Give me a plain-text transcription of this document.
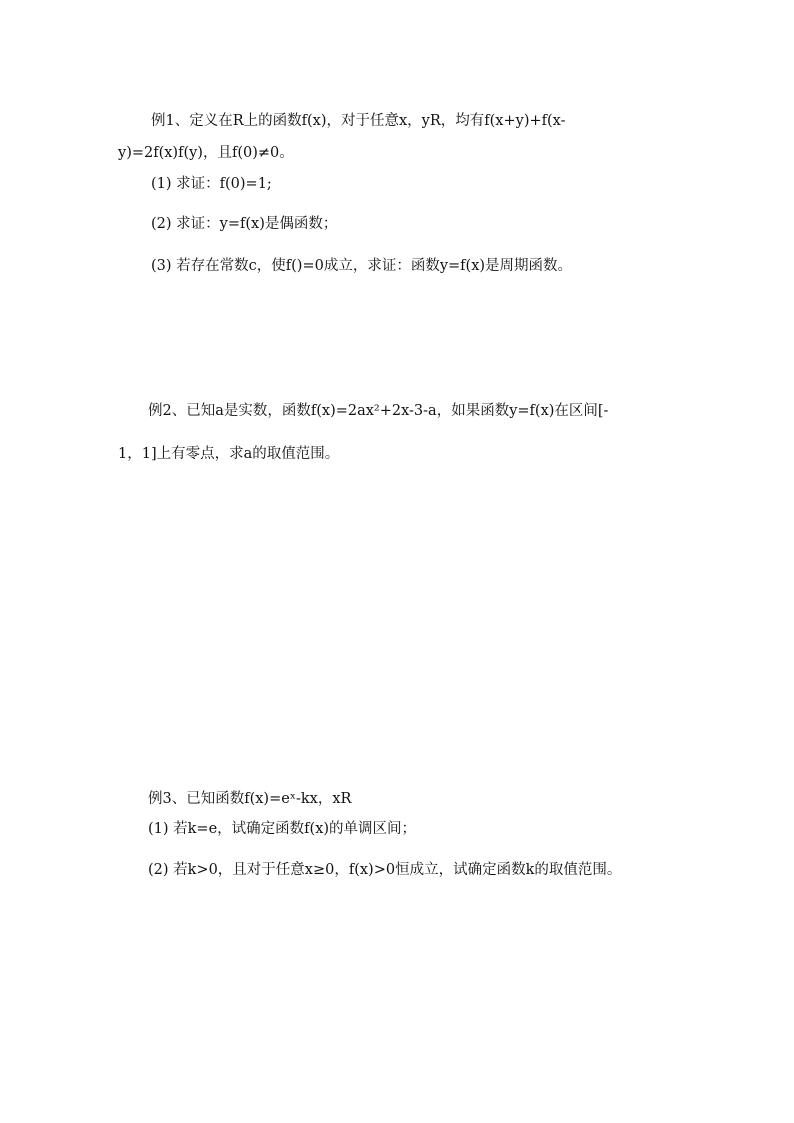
例1、定义在R上的函数f(x)，对于任意x，yR，均有f(x+y)+f(x-
y)=2f(x)f(y)，且f(0)≠0。
(1) 求证：f(0)=1;
(2) 求证：y=f(x)是偶函数；
(3) 若存在常数c，使f()=0成立，求证：函数y=f(x)是周期函数。
例2、已知a是实数，函数f(x)=2ax²+2x-3-a，如果函数y=f(x)在区间[-
1，1]上有零点，求a的取值范围。
例3、已知函数f(x)=eˣ-kx，xR
(1) 若k=e，试确定函数f(x)的单调区间；
(2) 若k>0，且对于任意x≥0，f(x)>0恒成立，试确定函数k的取值范围。
